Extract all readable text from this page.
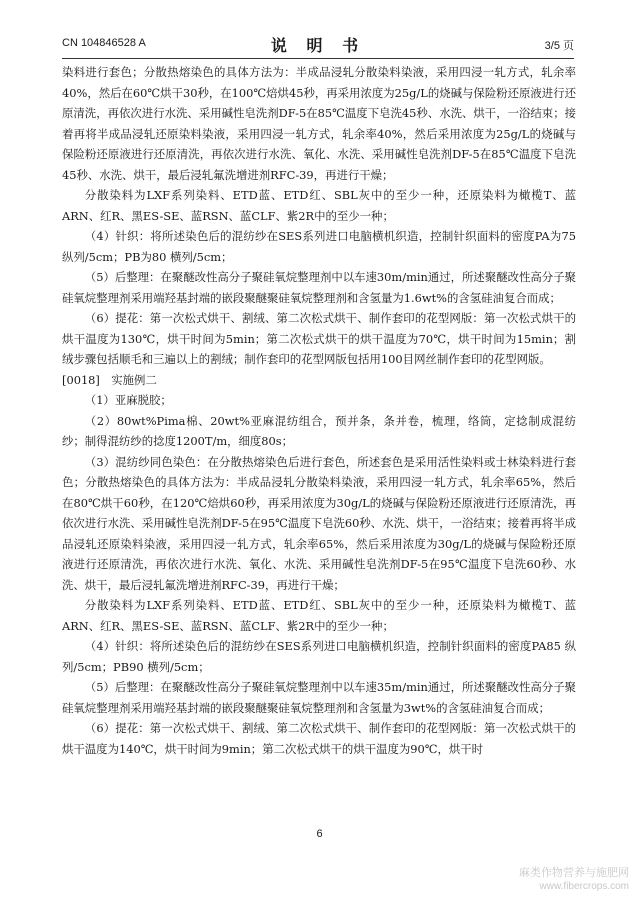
CN 104846528 A	说 明 书	3/5 页

染料进行套色；分散热熔染色的具体方法为：半成品浸轧分散染料染液，采用四浸一轧方式，轧余率40%，然后在60℃烘干30秒，在100℃焙烘45秒，再采用浓度为25g/L的烧碱与保险粉还原液进行还原清洗，再依次进行水洗、采用碱性皂洗剂DF-5在85℃温度下皂洗45秒、水洗、烘干，一浴结束；接着再将半成品浸轧还原染料染液，采用四浸一轧方式，轧余率40%，然后采用浓度为25g/L的烧碱与保险粉还原液进行还原清洗，再依次进行水洗、氧化、水洗、采用碱性皂洗剂DF-5在85℃温度下皂洗45秒、水洗、烘干，最后浸轧氟洗增进剂RFC-39，再进行干燥；

分散染料为LXF系列染料、ETD蓝、ETD红、SBL灰中的至少一种，还原染料为橄榄T、蓝ARN、红R、黑ES-SE、蓝RSN、蓝CLF、紫2R中的至少一种；

（4）针织：将所述染色后的混纺纱在SES系列进口电脑横机织造，控制针织面料的密度PA为75 纵列/5cm；PB为80 横列/5cm；

（5）后整理：在聚醚改性高分子聚硅氧烷整理剂中以车速30m/min通过，所述聚醚改性高分子聚硅氧烷整理剂采用端羟基封端的嵌段聚醚聚硅氧烷整理剂和含氢量为1.6wt%的含氢硅油复合而成；

（6）提花：第一次松式烘干、割绒、第二次松式烘干、制作套印的花型网版：第一次松式烘干的烘干温度为130℃，烘干时间为5min；第二次松式烘干的烘干温度为70℃，烘干时间为15min；割绒步骤包括顺毛和三遍以上的割绒；制作套印的花型网版包括用100目网丝制作套印的花型网版。

[0018]　实施例二

（1）亚麻脱胶；

（2）80wt%Pima棉、20wt%亚麻混纺组合，预并条，条并卷，梳理，络筒，定捻制成混纺纱；制得混纺纱的捻度1200T/m，细度80s；

（3）混纺纱同色染色：在分散热熔染色后进行套色，所述套色是采用活性染料或士林染料进行套色；分散热熔染色的具体方法为：半成品浸轧分散染料染液，采用四浸一轧方式，轧余率65%，然后在80℃烘干60秒，在120℃焙烘60秒，再采用浓度为30g/L的烧碱与保险粉还原液进行还原清洗，再依次进行水洗、采用碱性皂洗剂DF-5在95℃温度下皂洗60秒、水洗、烘干，一浴结束；接着再将半成品浸轧还原染料染液，采用四浸一轧方式，轧余率65%，然后采用浓度为30g/L的烧碱与保险粉还原液进行还原清洗，再依次进行水洗、氧化、水洗、采用碱性皂洗剂DF-5在95℃温度下皂洗60秒、水洗、烘干，最后浸轧氟洗增进剂RFC-39，再进行干燥；

分散染料为LXF系列染料、ETD蓝、ETD红、SBL灰中的至少一种，还原染料为橄榄T、蓝ARN、红R、黑ES-SE、蓝RSN、蓝CLF、紫2R中的至少一种；

（4）针织：将所述染色后的混纺纱在SES系列进口电脑横机织造，控制针织面料的密度PA85 纵列/5cm；PB90 横列/5cm；

（5）后整理：在聚醚改性高分子聚硅氧烷整理剂中以车速35m/min通过，所述聚醚改性高分子聚硅氧烷整理剂采用端羟基封端的嵌段聚醚聚硅氧烷整理剂和含氢量为3wt%的含氢硅油复合而成；

（6）提花：第一次松式烘干、割绒、第二次松式烘干、制作套印的花型网版：第一次松式烘干的烘干温度为140℃，烘干时间为9min；第二次松式烘干的烘干温度为90℃，烘干时

6
麻类作物营养与施肥网
www.fibercrops.com
